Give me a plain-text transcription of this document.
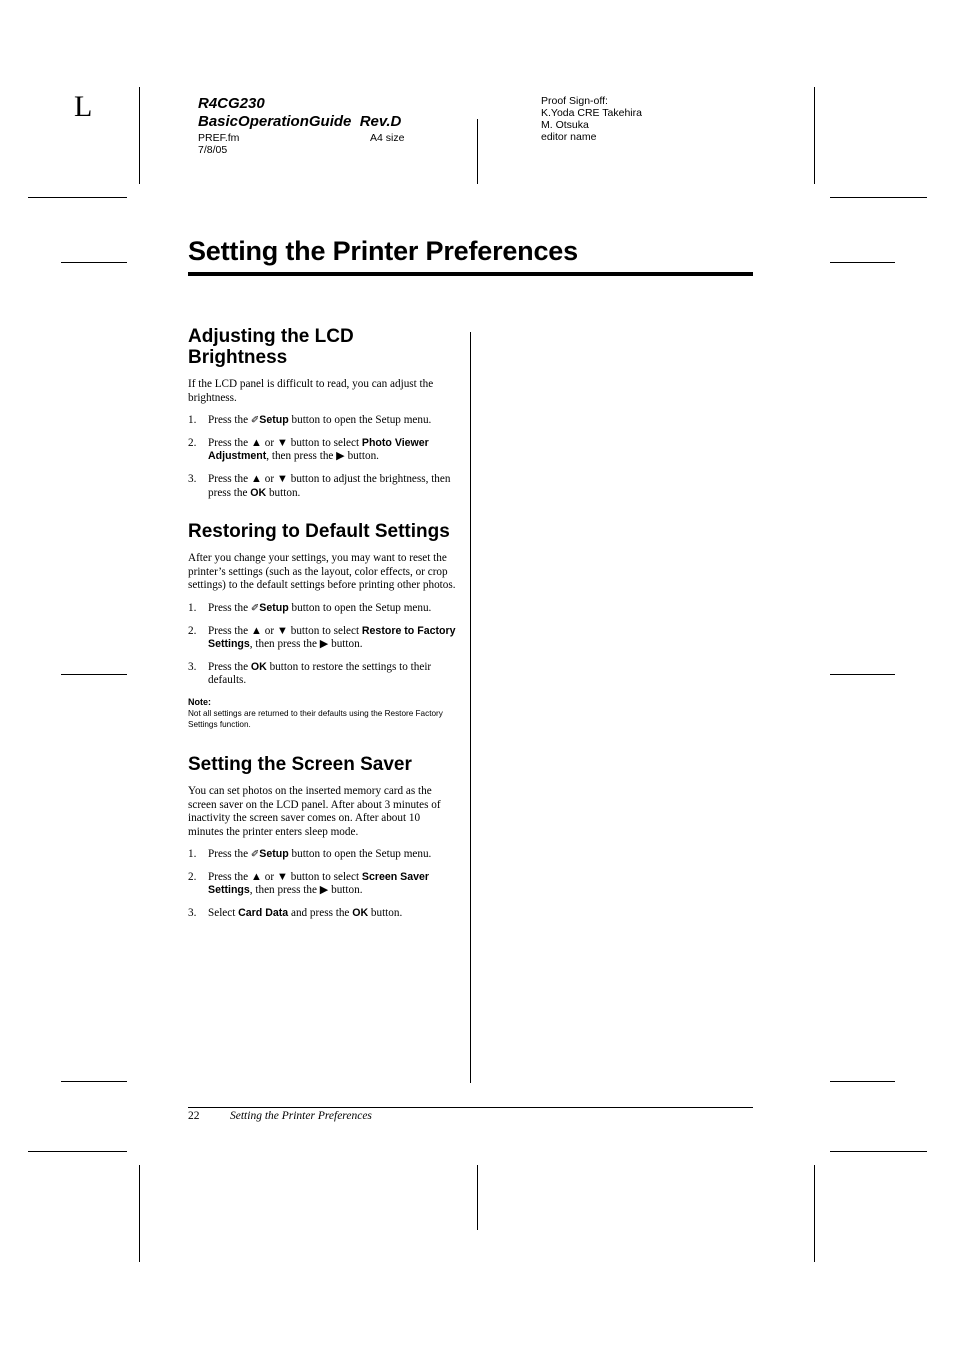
L	R4CG230
BasicOperationGuide  Rev.D
PREF.fm	A4 size
7/8/05
Proof Sign-off:
K.Yoda CRE Takehira
M. Otsuka
editor name
Setting the Printer Preferences
Adjusting the LCD
Brightness

If the LCD panel is difficult to read, you can adjust the brightness.

1. Press the ✐Setup button to open the Setup menu.
2. Press the ▲ or ▼ button to select Photo Viewer Adjustment, then press the ▶ button.
3. Press the ▲ or ▼ button to adjust the brightness, then press the OK button.
Restoring to Default Settings

After you change your settings, you may want to reset the printer’s settings (such as the layout, color effects, or crop settings) to the default settings before printing other photos.

1. Press the ✐Setup button to open the Setup menu.
2. Press the ▲ or ▼ button to select Restore to Factory Settings, then press the ▶ button.
3. Press the OK button to restore the settings to their defaults.
Note:
Not all settings are returned to their defaults using the Restore Factory Settings function.
Setting the Screen Saver

You can set photos on the inserted memory card as the screen saver on the LCD panel. After about 3 minutes of inactivity the screen saver comes on. After about 10 minutes the printer enters sleep mode.

1. Press the ✐Setup button to open the Setup menu.
2. Press the ▲ or ▼ button to select Screen Saver Settings, then press the ▶ button.
3. Select Card Data and press the OK button.
22	Setting the Printer Preferences
